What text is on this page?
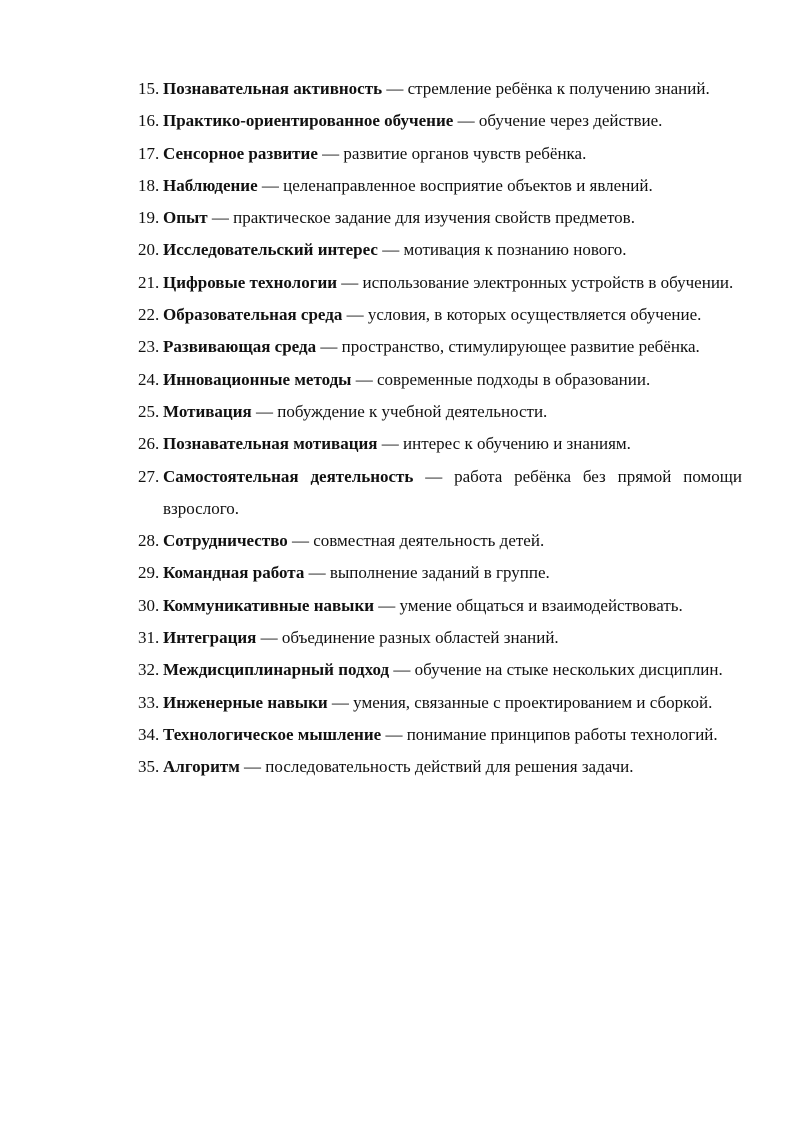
15. Познавательная активность — стремление ребёнка к получению знаний.
16. Практико-ориентированное обучение — обучение через действие.
17. Сенсорное развитие — развитие органов чувств ребёнка.
18. Наблюдение — целенаправленное восприятие объектов и явлений.
19. Опыт — практическое задание для изучения свойств предметов.
20. Исследовательский интерес — мотивация к познанию нового.
21. Цифровые технологии — использование электронных устройств в обучении.
22. Образовательная среда — условия, в которых осуществляется обучение.
23. Развивающая среда — пространство, стимулирующее развитие ребёнка.
24. Инновационные методы — современные подходы в образовании.
25. Мотивация — побуждение к учебной деятельности.
26. Познавательная мотивация — интерес к обучению и знаниям.
27. Самостоятельная деятельность — работа ребёнка без прямой помощи взрослого.
28. Сотрудничество — совместная деятельность детей.
29. Командная работа — выполнение заданий в группе.
30. Коммуникативные навыки — умение общаться и взаимодействовать.
31. Интеграция — объединение разных областей знаний.
32. Междисциплинарный подход — обучение на стыке нескольких дисциплин.
33. Инженерные навыки — умения, связанные с проектированием и сборкой.
34. Технологическое мышление — понимание принципов работы технологий.
35. Алгоритм — последовательность действий для решения задачи.
